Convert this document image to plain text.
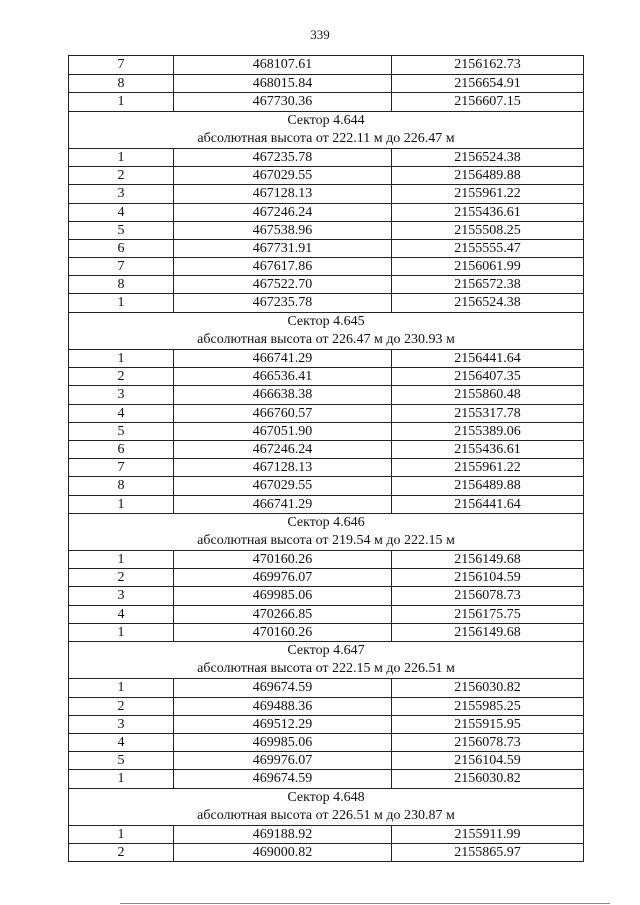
339
7	468107.61	2156162.73
8	468015.84	2156654.91
1	467730.36	2156607.15
Сектор 4.644
абсолютная высота от 222.11 м до 226.47 м
1	467235.78	2156524.38
2	467029.55	2156489.88
3	467128.13	2155961.22
4	467246.24	2155436.61
5	467538.96	2155508.25
6	467731.91	2155555.47
7	467617.86	2156061.99
8	467522.70	2156572.38
1	467235.78	2156524.38
Сектор 4.645
абсолютная высота от 226.47 м до 230.93 м
1	466741.29	2156441.64
2	466536.41	2156407.35
3	466638.38	2155860.48
4	466760.57	2155317.78
5	467051.90	2155389.06
6	467246.24	2155436.61
7	467128.13	2155961.22
8	467029.55	2156489.88
1	466741.29	2156441.64
Сектор 4.646
абсолютная высота от 219.54 м до 222.15 м
1	470160.26	2156149.68
2	469976.07	2156104.59
3	469985.06	2156078.73
4	470266.85	2156175.75
1	470160.26	2156149.68
Сектор 4.647
абсолютная высота от 222.15 м до 226.51 м
1	469674.59	2156030.82
2	469488.36	2155985.25
3	469512.29	2155915.95
4	469985.06	2156078.73
5	469976.07	2156104.59
1	469674.59	2156030.82
Сектор 4.648
абсолютная высота от 226.51 м до 230.87 м
1	469188.92	2155911.99
2	469000.82	2155865.97
